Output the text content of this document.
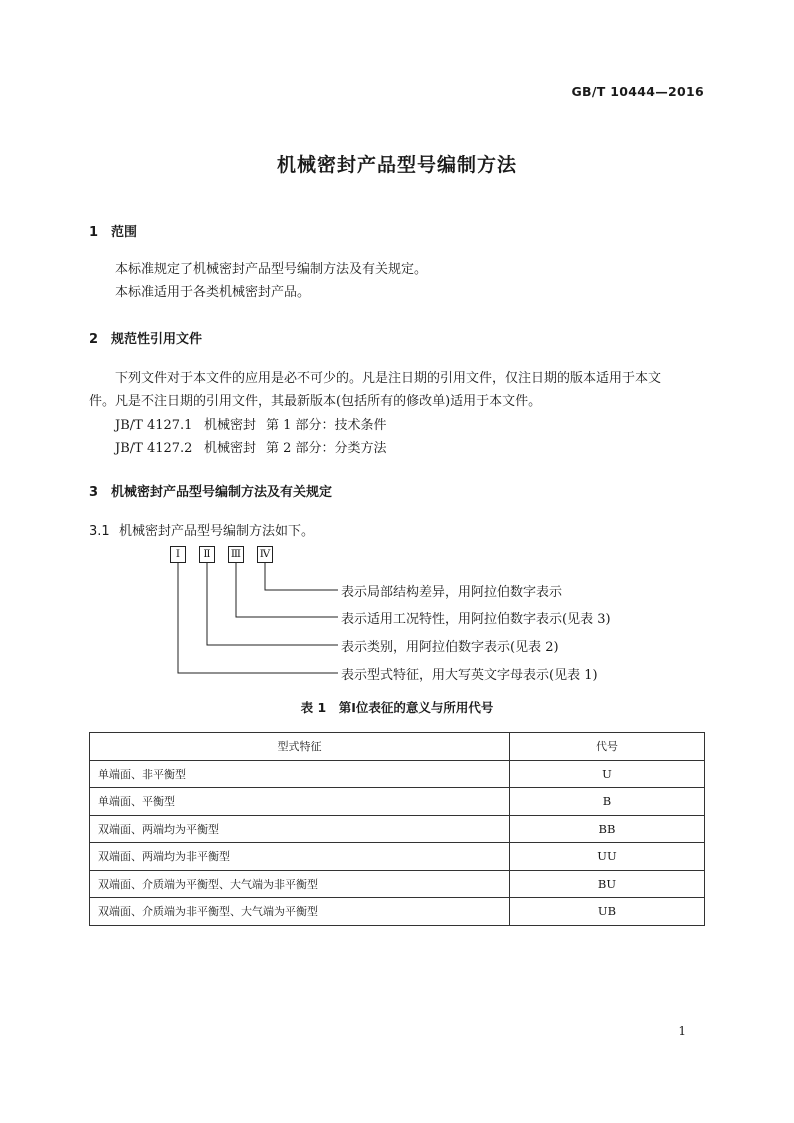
GB/T 10444—2016
机械密封产品型号编制方法
1 范围

本标准规定了机械密封产品型号编制方法及有关规定。

本标准适用于各类机械密封产品。

2 规范性引用文件

下列文件对于本文件的应用是必不可少的。凡是注日期的引用文件，仅注日期的版本适用于本文

件。凡是不注日期的引用文件，其最新版本(包括所有的修改单)适用于本文件。

JB/T 4127.1 机械密封 第 1 部分：技术条件
JB/T 4127.2 机械密封 第 2 部分：分类方法
3 机械密封产品型号编制方法及有关规定
3.1 机械密封产品型号编制方法如下。
Ⅰ	Ⅱ	Ⅲ Ⅳ
表示局部结构差异，用阿拉伯数字表示
表示适用工况特性，用阿拉伯数字表示(见表 3)
表示类别，用阿拉伯数字表示(见表 2)
表示型式特征，用大写英文字母表示(见表 1)
表 1　第Ⅰ位表征的意义与所用代号
型式特征	代号
单端面、非平衡型	U
单端面、平衡型	B
双端面、两端均为平衡型	BB
双端面、两端均为非平衡型	UU
双端面、介质端为平衡型、大气端为非平衡型	BU
双端面、介质端为非平衡型、大气端为平衡型	UB
1
